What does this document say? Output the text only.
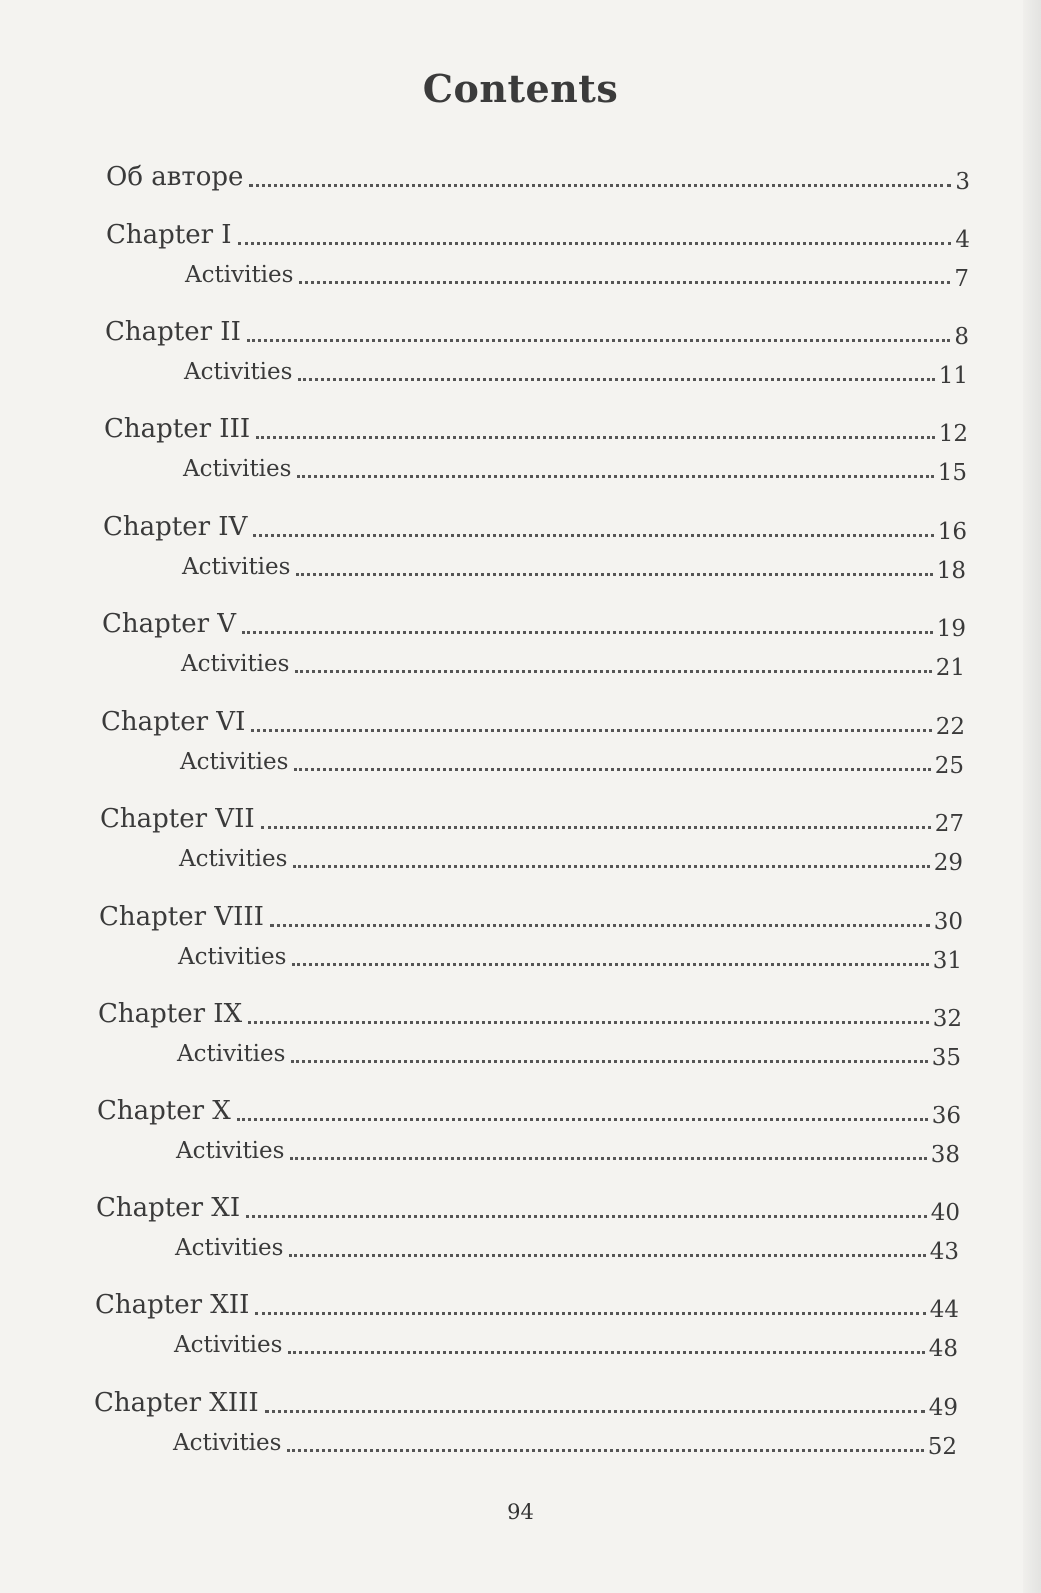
Contents
Об авторе	3
Chapter I	4
Activities	7
Chapter II	8
Activities	11
Chapter III	12
Activities	15
Chapter IV	16
Activities	18
Chapter V	19
Activities	21
Chapter VI	22
Activities	25
Chapter VII	27
Activities	29
Chapter VIII	30
Activities	31
Chapter IX	32
Activities	35
Chapter X	36
Activities	38
Chapter XI	40
Activities	43
Chapter XII	44
Activities	48
Chapter XIII	49
Activities	52
94
